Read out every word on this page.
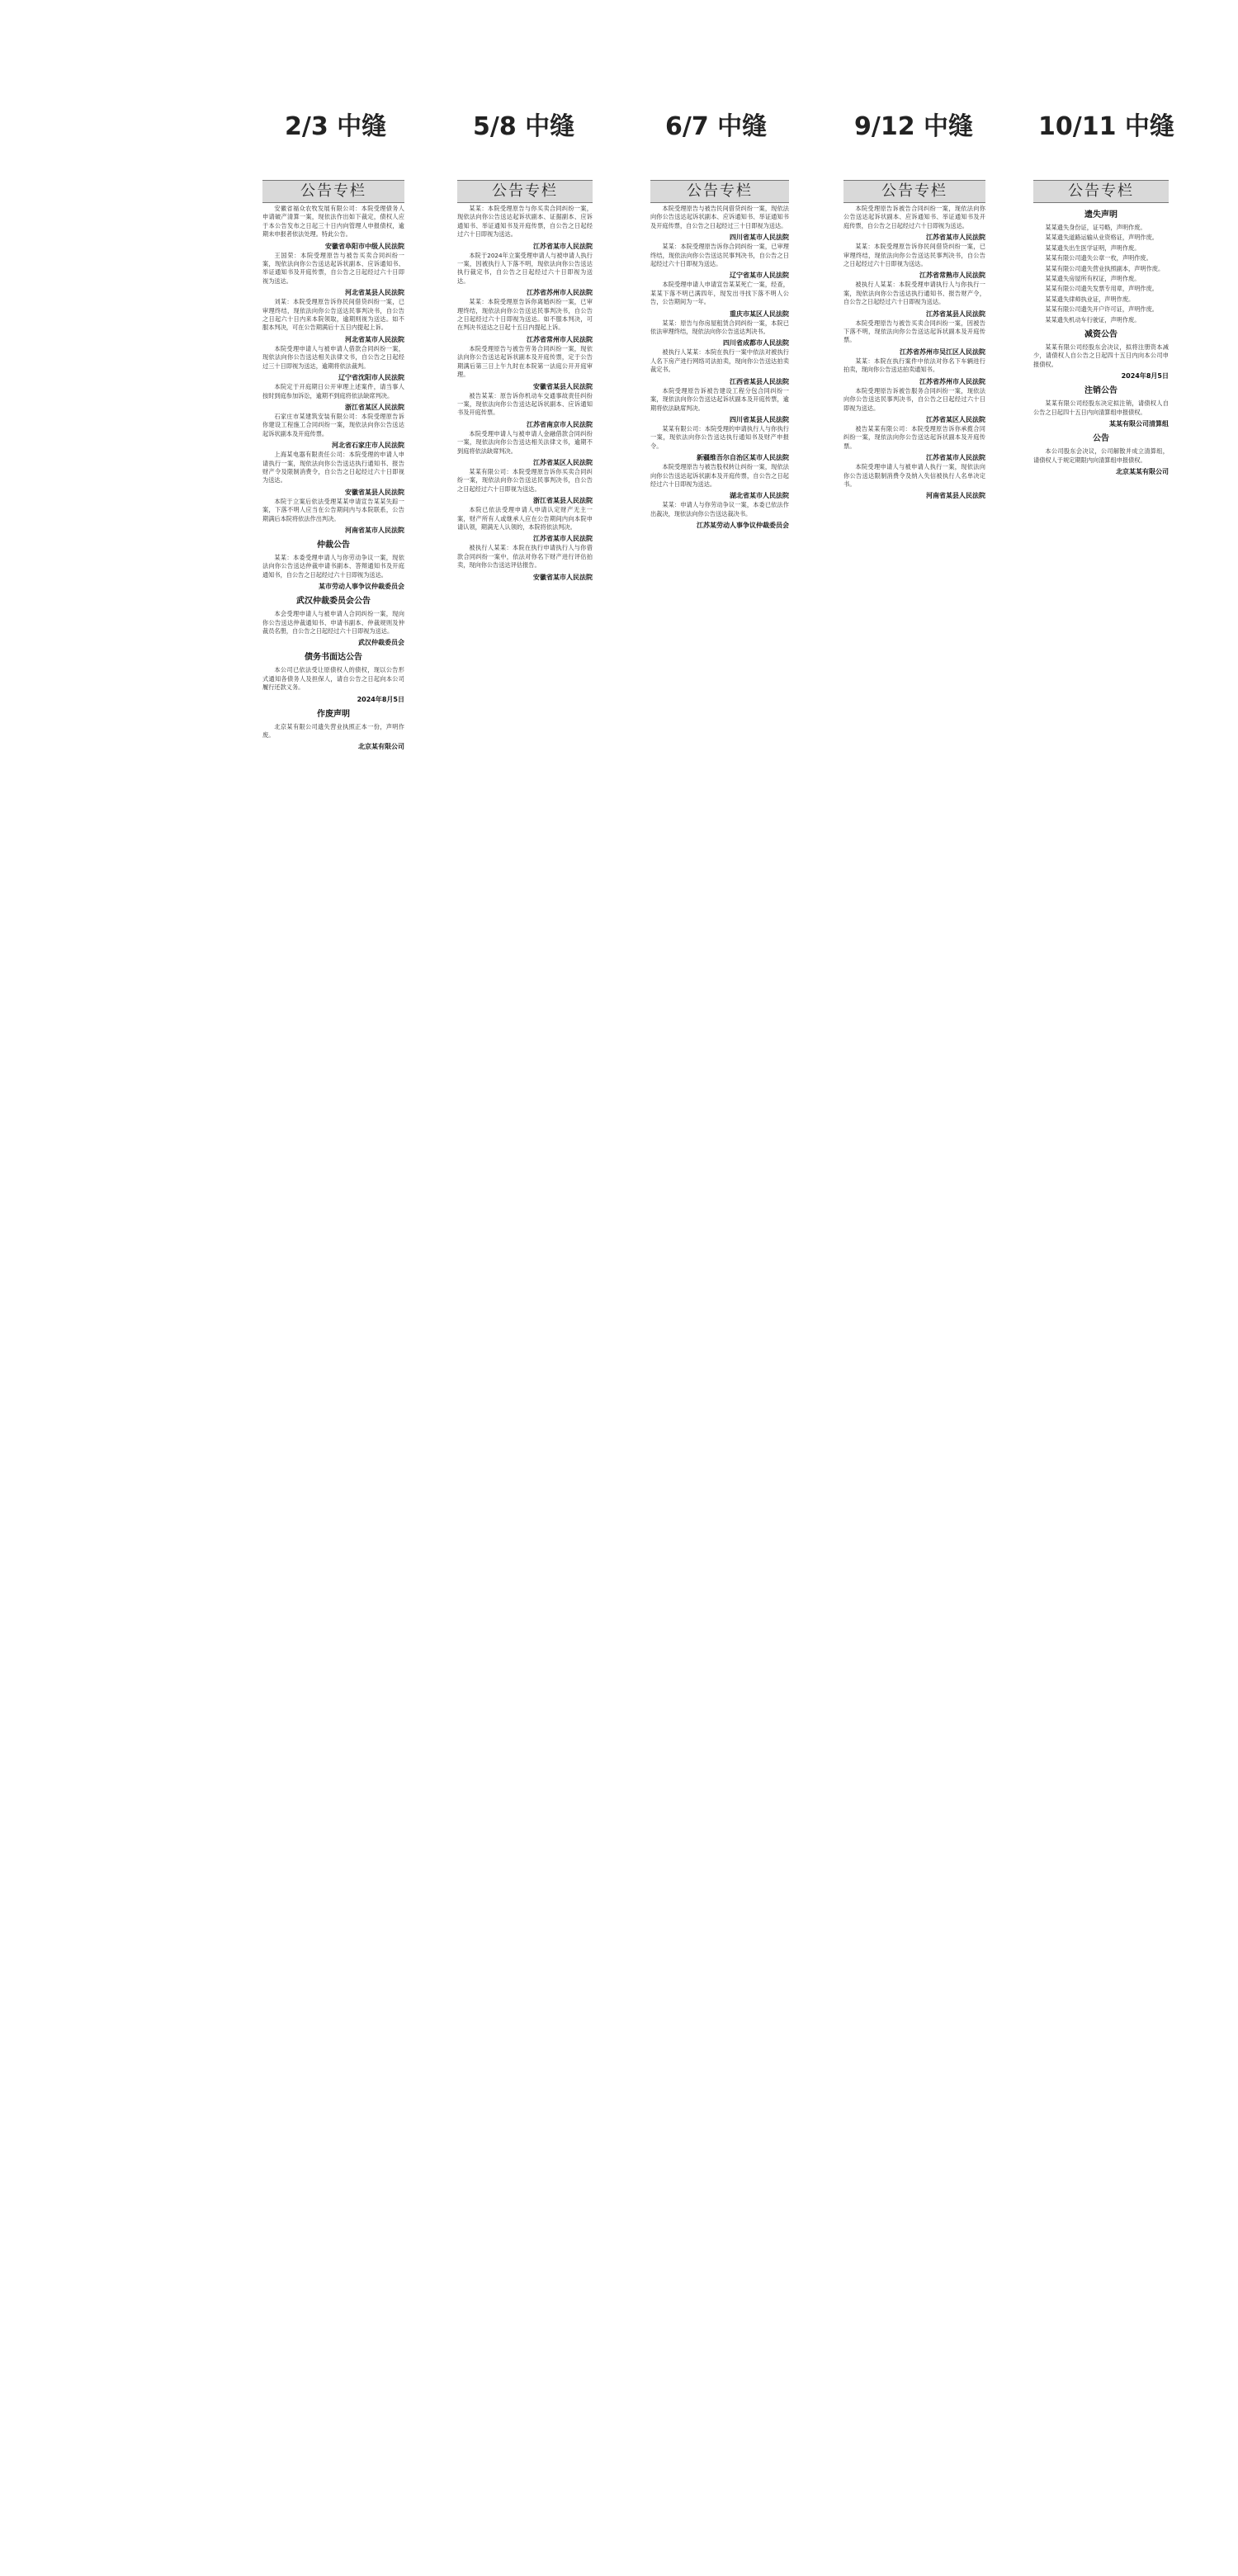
2/3 中缝	5/8 中缝	6/7 中缝	9/12 中缝	10/11 中缝
公告专栏

安徽省福众农牧发展有限公司：本院受理债务人申请破产清算一案，现依法作出如下裁定，债权人应于本公告发布之日起三十日内向管理人申报债权，逾期未申报者依法处理。特此公告。

安徽省阜阳市中级人民法院

王国荣：本院受理原告与被告买卖合同纠纷一案，现依法向你公告送达起诉状副本、应诉通知书、举证通知书及开庭传票，自公告之日起经过六十日即视为送达。

河北省某县人民法院

刘某：本院受理原告诉你民间借贷纠纷一案，已审理终结，现依法向你公告送达民事判决书，自公告之日起六十日内来本院领取，逾期则视为送达。如不服本判决，可在公告期满后十五日内提起上诉。

河北省某市人民法院

本院受理申请人与被申请人借款合同纠纷一案，现依法向你公告送达相关法律文书，自公告之日起经过三十日即视为送达，逾期将依法裁判。

辽宁省沈阳市人民法院

本院定于开庭期日公开审理上述案件，请当事人按时到庭参加诉讼，逾期不到庭将依法缺席判决。

浙江省某区人民法院

石家庄市某建筑安装有限公司：本院受理原告诉你建设工程施工合同纠纷一案，现依法向你公告送达起诉状副本及开庭传票。

河北省石家庄市人民法院

上海某电器有限责任公司：本院受理的申请人申请执行一案，现依法向你公告送达执行通知书、报告财产令及限制消费令，自公告之日起经过六十日即视为送达。

安徽省某县人民法院

本院于立案后依法受理某某申请宣告某某失踪一案，下落不明人应当在公告期间内与本院联系，公告期满后本院将依法作出判决。

河南省某市人民法院
仲裁公告

某某：本委受理申请人与你劳动争议一案，现依法向你公告送达仲裁申请书副本、答辩通知书及开庭通知书，自公告之日起经过六十日即视为送达。

某市劳动人事争议仲裁委员会
武汉仲裁委员会公告

本会受理申请人与被申请人合同纠纷一案，现向你公告送达仲裁通知书、申请书副本、仲裁规则及仲裁员名册，自公告之日起经过六十日即视为送达。

武汉仲裁委员会
债务书面达公告

本公司已依法受让原债权人的债权，现以公告形式通知各债务人及担保人，请自公告之日起向本公司履行还款义务。

2024年8月5日
作废声明

北京某有限公司遗失营业执照正本一份，声明作废。

北京某有限公司
公告专栏

某某：本院受理原告与你买卖合同纠纷一案，现依法向你公告送达起诉状副本、证据副本、应诉通知书、举证通知书及开庭传票，自公告之日起经过六十日即视为送达。

江苏省某市人民法院

本院于2024年立案受理申请人与被申请人执行一案，因被执行人下落不明，现依法向你公告送达执行裁定书，自公告之日起经过六十日即视为送达。

江苏省苏州市人民法院

某某：本院受理原告诉你离婚纠纷一案，已审理终结，现依法向你公告送达民事判决书，自公告之日起经过六十日即视为送达。如不服本判决，可在判决书送达之日起十五日内提起上诉。

江苏省常州市人民法院

本院受理原告与被告劳务合同纠纷一案，现依法向你公告送达起诉状副本及开庭传票，定于公告期满后第三日上午九时在本院第一法庭公开开庭审理。

安徽省某县人民法院

被告某某：原告诉你机动车交通事故责任纠纷一案，现依法向你公告送达起诉状副本、应诉通知书及开庭传票。

江苏省南京市人民法院

本院受理申请人与被申请人金融借款合同纠纷一案，现依法向你公告送达相关法律文书，逾期不到庭将依法缺席判决。

江苏省某区人民法院

某某有限公司：本院受理原告诉你买卖合同纠纷一案，现依法向你公告送达民事判决书，自公告之日起经过六十日即视为送达。

浙江省某县人民法院

本院已依法受理申请人申请认定财产无主一案，财产所有人或继承人应在公告期间内向本院申请认领，期满无人认领的，本院将依法判决。

江苏省某市人民法院

被执行人某某：本院在执行申请执行人与你借款合同纠纷一案中，依法对你名下财产进行评估拍卖，现向你公告送达评估报告。

安徽省某市人民法院
公告专栏

本院受理原告与被告民间借贷纠纷一案，现依法向你公告送达起诉状副本、应诉通知书、举证通知书及开庭传票，自公告之日起经过三十日即视为送达。

四川省某市人民法院

某某：本院受理原告诉你合同纠纷一案，已审理终结，现依法向你公告送达民事判决书，自公告之日起经过六十日即视为送达。

辽宁省某市人民法院

本院受理申请人申请宣告某某死亡一案，经查，某某下落不明已满四年，现发出寻找下落不明人公告，公告期间为一年。

重庆市某区人民法院

某某：原告与你房屋租赁合同纠纷一案，本院已依法审理终结，现依法向你公告送达判决书。

四川省成都市人民法院

被执行人某某：本院在执行一案中依法对被执行人名下房产进行网络司法拍卖，现向你公告送达拍卖裁定书。

江西省某县人民法院

本院受理原告诉被告建设工程分包合同纠纷一案，现依法向你公告送达起诉状副本及开庭传票，逾期将依法缺席判决。

四川省某县人民法院

某某有限公司：本院受理的申请执行人与你执行一案，现依法向你公告送达执行通知书及财产申报令。

新疆维吾尔自治区某市人民法院

本院受理原告与被告股权转让纠纷一案，现依法向你公告送达起诉状副本及开庭传票，自公告之日起经过六十日即视为送达。

湖北省某市人民法院

某某：申请人与你劳动争议一案，本委已依法作出裁决，现依法向你公告送达裁决书。

江苏某劳动人事争议仲裁委员会
公告专栏

本院受理原告诉被告合同纠纷一案，现依法向你公告送达起诉状副本、应诉通知书、举证通知书及开庭传票，自公告之日起经过六十日即视为送达。

江苏省某市人民法院

某某：本院受理原告诉你民间借贷纠纷一案，已审理终结，现依法向你公告送达民事判决书，自公告之日起经过六十日即视为送达。

江苏省常熟市人民法院

被执行人某某：本院受理申请执行人与你执行一案，现依法向你公告送达执行通知书、报告财产令，自公告之日起经过六十日即视为送达。

江苏省某县人民法院

本院受理原告与被告买卖合同纠纷一案，因被告下落不明，现依法向你公告送达起诉状副本及开庭传票。

江苏省苏州市吴江区人民法院

某某：本院在执行案件中依法对你名下车辆进行拍卖，现向你公告送达拍卖通知书。

江苏省苏州市人民法院

本院受理原告诉被告服务合同纠纷一案，现依法向你公告送达民事判决书，自公告之日起经过六十日即视为送达。

江苏省某区人民法院

被告某某有限公司：本院受理原告诉你承揽合同纠纷一案，现依法向你公告送达起诉状副本及开庭传票。

江苏省某市人民法院

本院受理申请人与被申请人执行一案，现依法向你公告送达限制消费令及纳入失信被执行人名单决定书。

河南省某县人民法院
公告专栏
遗失声明

某某遗失身份证，证号略，声明作废。

某某遗失道路运输从业资格证，声明作废。

某某遗失出生医学证明，声明作废。

某某有限公司遗失公章一枚，声明作废。

某某有限公司遗失营业执照副本，声明作废。

某某遗失房屋所有权证，声明作废。

某某有限公司遗失发票专用章，声明作废。

某某遗失律师执业证，声明作废。

某某有限公司遗失开户许可证，声明作废。

某某遗失机动车行驶证，声明作废。

减资公告

某某有限公司经股东会决议，拟将注册资本减少，请债权人自公告之日起四十五日内向本公司申报债权。

2024年8月5日
注销公告

某某有限公司经股东决定拟注销，请债权人自公告之日起四十五日内向清算组申报债权。

某某有限公司清算组
公告

本公司股东会决议，公司解散并成立清算组，请债权人于规定期限内向清算组申报债权。

北京某某有限公司
